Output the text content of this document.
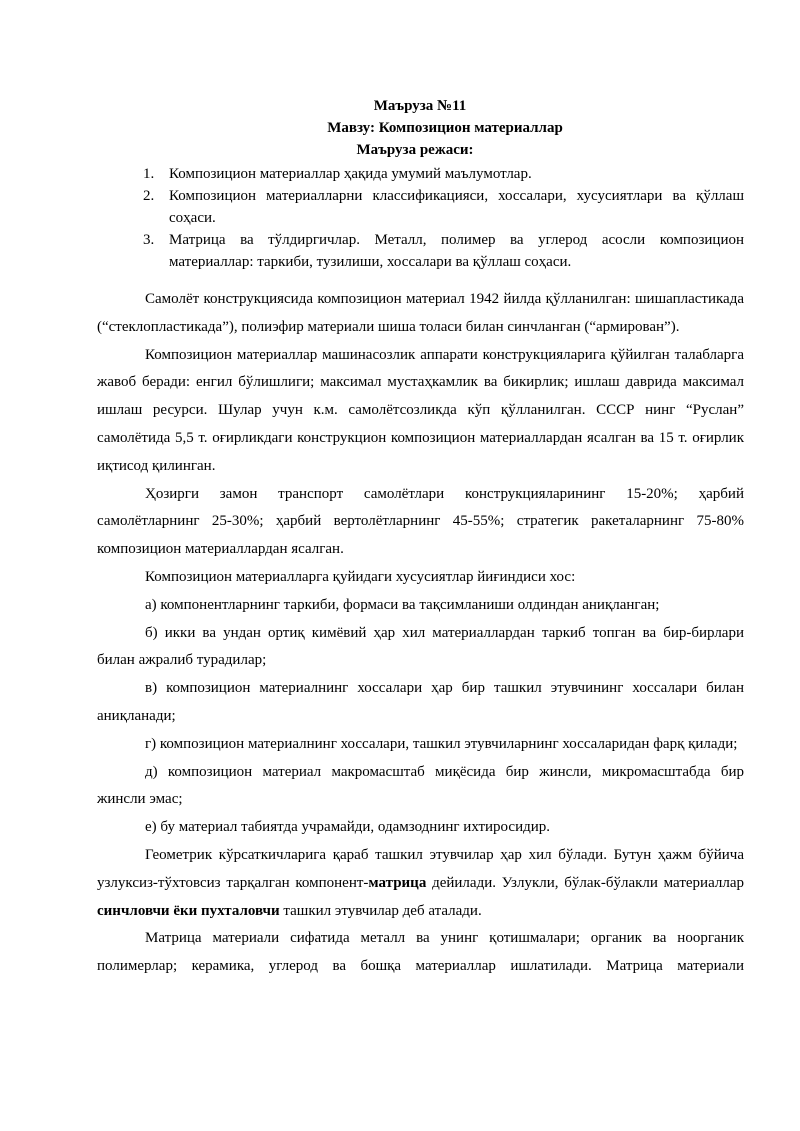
Маъруза №11
Мавзу: Композицион материаллар
Маъруза режаси:
1. Композицион материаллар ҳақида умумий маълумотлар.
2. Композицион материалларни классификацияси, хоссалари, хусусиятлари ва қўллаш соҳаси.
3. Матрица ва тўлдиргичлар. Металл, полимер ва углерод асосли композицион материаллар: таркиби, тузилиши, хоссалари ва қўллаш соҳаси.

Самолёт конструкциясида композицион материал 1942 йилда қўлланилган: шишапластикада (“стеклопластикада”), полиэфир материали шиша толаси билан синчланган (“армирован”).

Композицион материаллар машинасозлик аппарати конструкцияларига қўйилган талабларга жавоб беради: енгил бўлишлиги; максимал мустаҳкамлик ва бикирлик; ишлаш даврида максимал ишлаш ресурси. Шулар учун к.м. самолётсозликда кўп қўлланилган. СССР нинг “Руслан” самолётида 5,5 т. оғирликдаги конструкцион композицион материаллардан ясалган ва 15 т. оғирлик иқтисод қилинган.

Ҳозирги замон транспорт самолётлари конструкцияларининг 15-20%; ҳарбий самолётларнинг 25-30%; ҳарбий вертолётларнинг 45-55%; стратегик ракеталарнинг 75-80% композицион материаллардан ясалган.

Композицион материалларга қуйидаги хусусиятлар йиғиндиси хос:

а) компонентларнинг таркиби, формаси ва тақсимланиши олдиндан аниқланган;

б) икки ва ундан ортиқ кимёвий ҳар хил материаллардан таркиб топган ва бир-бирлари билан ажралиб турадилар;

в) композицион материалнинг хоссалари ҳар бир ташкил этувчининг хоссалари билан аниқланади;

г) композицион материалнинг хоссалари, ташкил этувчиларнинг хоссаларидан фарқ қилади;

д) композицион материал макромасштаб миқёсида бир жинсли, микромасштабда бир жинсли эмас;

е) бу материал табиятда учрамайди, одамзоднинг ихтиросидир.

Геометрик кўрсаткичларига қараб ташкил этувчилар ҳар хил бўлади. Бутун ҳажм бўйича узлуксиз-тўхтовсиз тарқалган компонент-матрица дейилади. Узлукли, бўлак-бўлакли материаллар синчловчи ёки пухталовчи ташкил этувчилар деб аталади.

Матрица материали сифатида металл ва унинг қотишмалари; органик ва ноорганик полимерлар; керамика, углерод ва бошқа материаллар ишлатилади. Матрица материали
